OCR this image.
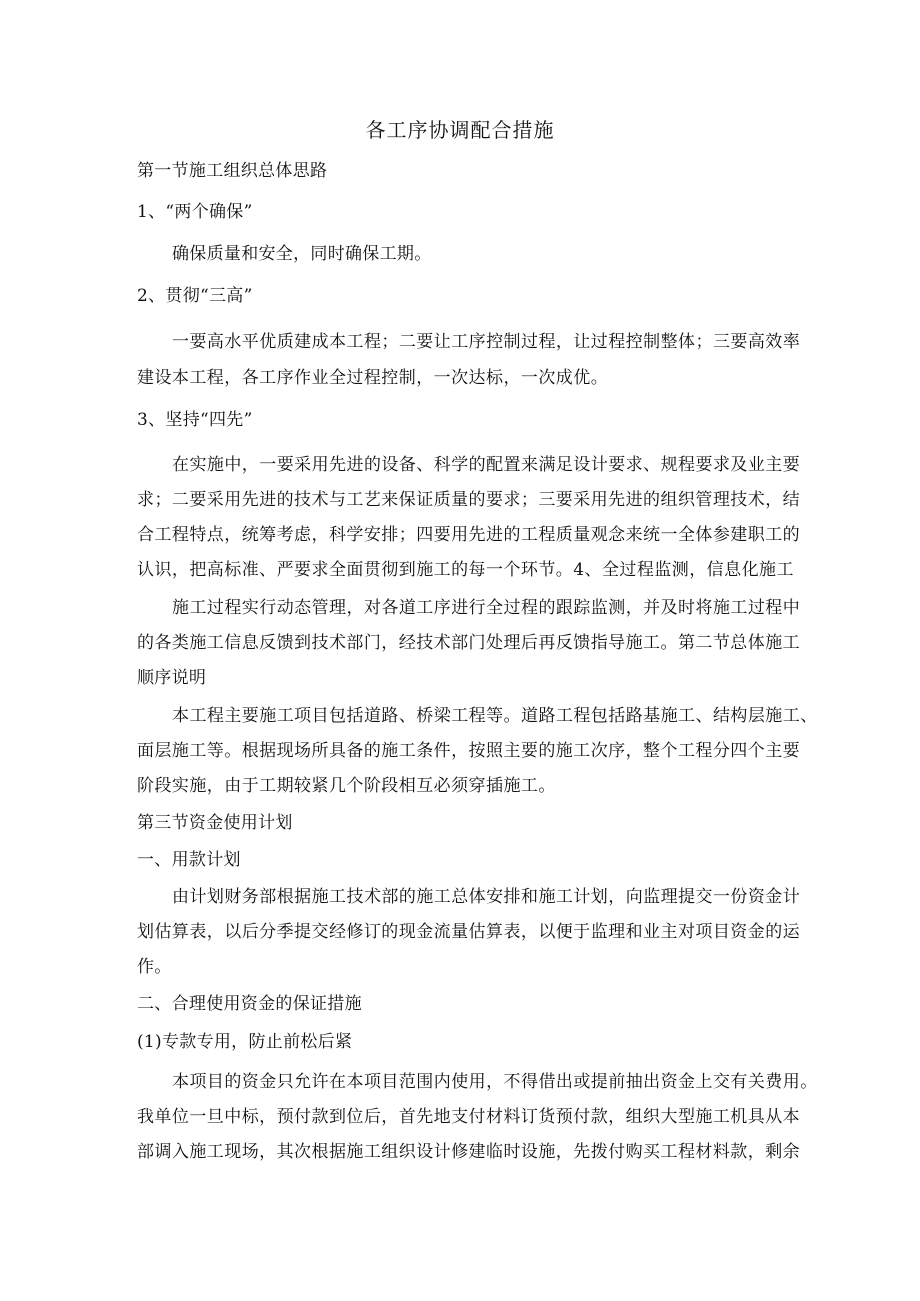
各工序协调配合措施
第一节施工组织总体思路
1、“两个确保”
确保质量和安全，同时确保工期。
2、贯彻“三高”
一要高水平优质建成本工程；二要让工序控制过程，让过程控制整体；三要高效率
建设本工程，各工序作业全过程控制，一次达标，一次成优。
3、坚持“四先”
在实施中，一要采用先进的设备、科学的配置来满足设计要求、规程要求及业主要
求；二要采用先进的技术与工艺来保证质量的要求；三要采用先进的组织管理技术，结
合工程特点，统筹考虑，科学安排；四要用先进的工程质量观念来统一全体参建职工的
认识，把高标准、严要求全面贯彻到施工的每一个环节。4、全过程监测，信息化施工
施工过程实行动态管理，对各道工序进行全过程的跟踪监测，并及时将施工过程中
的各类施工信息反馈到技术部门，经技术部门处理后再反馈指导施工。第二节总体施工
顺序说明
本工程主要施工项目包括道路、桥梁工程等。道路工程包括路基施工、结构层施工、
面层施工等。根据现场所具备的施工条件，按照主要的施工次序，整个工程分四个主要
阶段实施，由于工期较紧几个阶段相互必须穿插施工。
第三节资金使用计划
一、用款计划
由计划财务部根据施工技术部的施工总体安排和施工计划，向监理提交一份资金计
划估算表，以后分季提交经修订的现金流量估算表，以便于监理和业主对项目资金的运
作。
二、合理使用资金的保证措施
(1)专款专用，防止前松后紧
本项目的资金只允许在本项目范围内使用，不得借出或提前抽出资金上交有关费用。
我单位一旦中标，预付款到位后，首先地支付材料订货预付款，组织大型施工机具从本
部调入施工现场，其次根据施工组织设计修建临时设施，先拨付购买工程材料款，剩余
